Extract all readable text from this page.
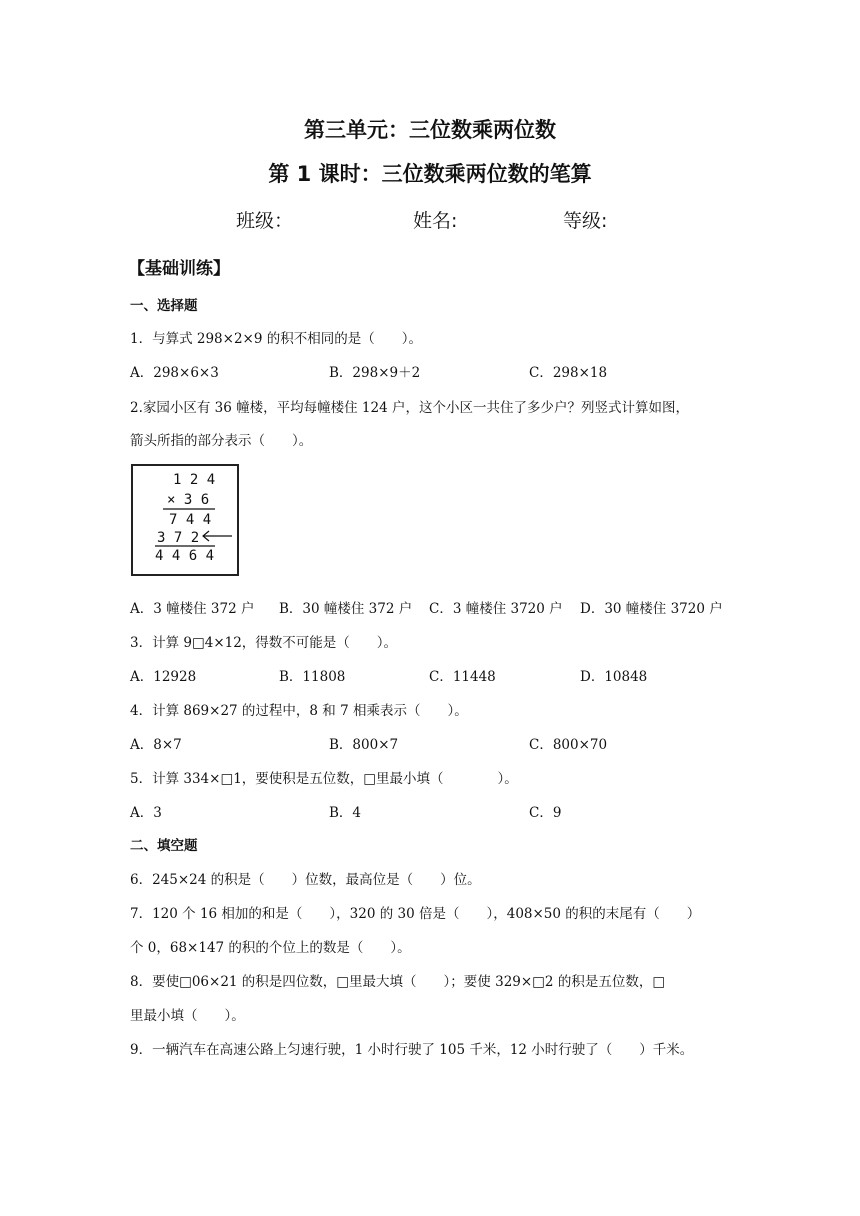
第三单元：三位数乘两位数
第 1 课时：三位数乘两位数的笔算
班级：	姓名:	等级:
【基础训练】
一、选择题
1．与算式 298×2×9 的积不相同的是（　　）。
A．298×6×3	B．298×9＋2	C．298×18
2.家园小区有 36 幢楼，平均每幢楼住 124 户，这个小区一共住了多少户？列竖式计算如图，
箭头所指的部分表示（　　）。
1 2 4
× 3 6
7 4 4
3 7 2
4 4 6 4
A．3 幢楼住 372 户 B．30 幢楼住 372 户 C．3 幢楼住 3720 户 D．30 幢楼住 3720 户
3．计算 9□4×12，得数不可能是（　　）。
A．12928	B．11808	C．11448	D．10848
4．计算 869×27 的过程中，8 和 7 相乘表示（　　）。
A．8×7	B．800×7	C．800×70
5．计算 334×□1，要使积是五位数，□里最小填（　　　　）。
A．3	B．4	C．9
二、填空题
6．245×24 的积是（　　）位数，最高位是（　　）位。
7．120 个 16 相加的和是（　　），320 的 30 倍是（　　），408×50 的积的末尾有（　　）
个 0，68×147 的积的个位上的数是（　　）。
8．要使□06×21 的积是四位数，□里最大填（　　）；要使 329×□2 的积是五位数，□
里最小填（　　）。
9．一辆汽车在高速公路上匀速行驶，1 小时行驶了 105 千米，12 小时行驶了（　　）千米。
